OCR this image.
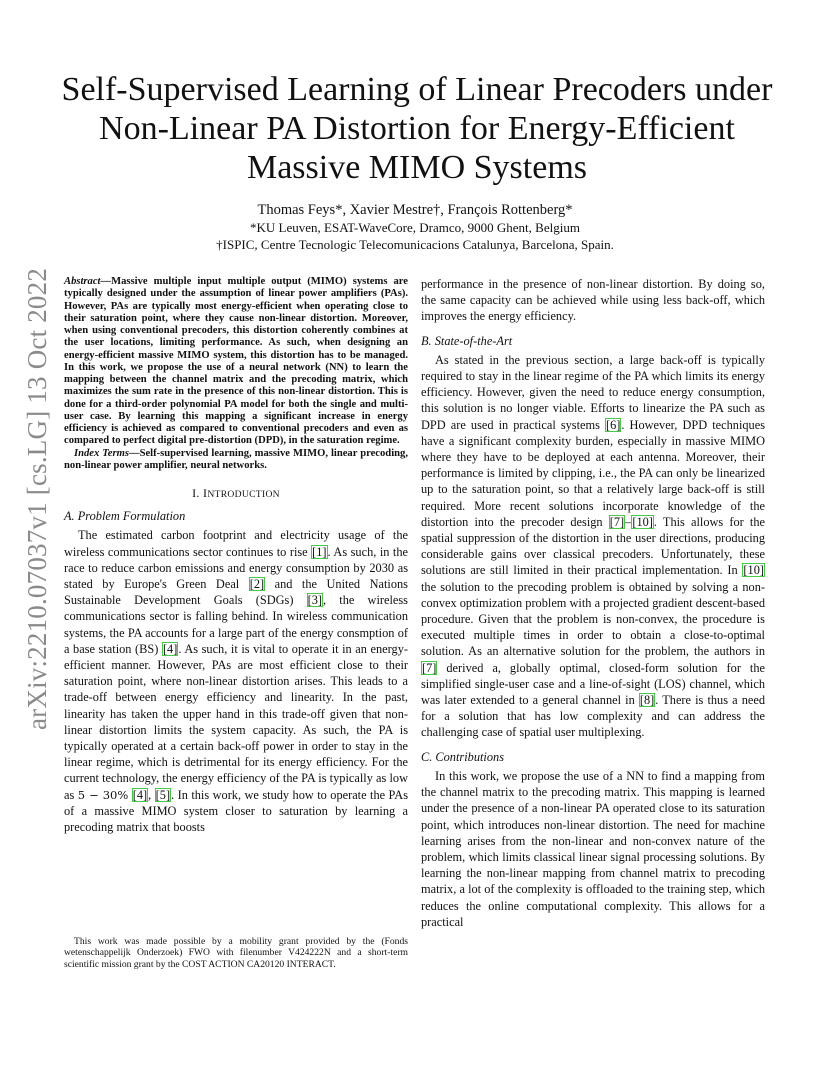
arXiv:2210.07037v1 [cs.LG] 13 Oct 2022
Self-Supervised Learning of Linear Precoders under Non-Linear PA Distortion for Energy-Efficient Massive MIMO Systems
Thomas Feys*, Xavier Mestre†, François Rottenberg*
*KU Leuven, ESAT-WaveCore, Dramco, 9000 Ghent, Belgium
†ISPIC, Centre Tecnologic Telecomunicacions Catalunya, Barcelona, Spain.

Abstract—Massive multiple input multiple output (MIMO) systems are typically designed under the assumption of linear power amplifiers (PAs). However, PAs are typically most energy-efficient when operating close to their saturation point, where they cause non-linear distortion. Moreover, when using conventional precoders, this distortion coherently combines at the user locations, limiting performance. As such, when designing an energy-efficient massive MIMO system, this distortion has to be managed. In this work, we propose the use of a neural network (NN) to learn the mapping between the channel matrix and the precoding matrix, which maximizes the sum rate in the presence of this non-linear distortion. This is done for a third-order polynomial PA model for both the single and multi-user case. By learning this mapping a significant increase in energy efficiency is achieved as compared to conventional precoders and even as compared to perfect digital pre-distortion (DPD), in the saturation regime.

Index Terms—Self-supervised learning, massive MIMO, linear precoding, non-linear power amplifier, neural networks.

I. INTRODUCTION
A. Problem Formulation

The estimated carbon footprint and electricity usage of the wireless communications sector continues to rise [1]. As such, in the race to reduce carbon emissions and energy consumption by 2030 as stated by Europe's Green Deal [2] and the United Nations Sustainable Development Goals (SDGs) [3], the wireless communications sector is falling behind. In wireless communication systems, the PA accounts for a large part of the energy consmption of a base station (BS) [4]. As such, it is vital to operate it in an energy-efficient manner. However, PAs are most efficient close to their saturation point, where non-linear distortion arises. This leads to a trade-off between energy efficiency and linearity. In the past, linearity has taken the upper hand in this trade-off given that non-linear distortion limits the system capacity. As such, the PA is typically operated at a certain back-off power in order to stay in the linear regime, which is detrimental for its energy efficiency. For the current technology, the energy efficiency of the PA is typically as low as 5 − 30% [4], [5]. In this work, we study how to operate the PAs of a massive MIMO system closer to saturation by learning a precoding matrix that boosts

This work was made possible by a mobility grant provided by the (Fonds wetenschappelijk Onderzoek) FWO with filenumber V424222N and a short-term scientific mission grant by the COST ACTION CA20120 INTERACT.

performance in the presence of non-linear distortion. By doing so, the same capacity can be achieved while using less back-off, which improves the energy efficiency.

B. State-of-the-Art

As stated in the previous section, a large back-off is typically required to stay in the linear regime of the PA which limits its energy efficiency. However, given the need to reduce energy consumption, this solution is no longer viable. Efforts to linearize the PA such as DPD are used in practical systems [6]. However, DPD techniques have a significant complexity burden, especially in massive MIMO where they have to be deployed at each antenna. Moreover, their performance is limited by clipping, i.e., the PA can only be linearized up to the saturation point, so that a relatively large back-off is still required. More recent solutions incorporate knowledge of the distortion into the precoder design [7]–[10]. This allows for the spatial suppression of the distortion in the user directions, producing considerable gains over classical precoders. Unfortunately, these solutions are still limited in their practical implementation. In [10] the solution to the precoding problem is obtained by solving a non-convex optimization problem with a projected gradient descent-based procedure. Given that the problem is non-convex, the procedure is executed multiple times in order to obtain a close-to-optimal solution. As an alternative solution for the problem, the authors in [7] derived a, globally optimal, closed-form solution for the simplified single-user case and a line-of-sight (LOS) channel, which was later extended to a general channel in [8]. There is thus a need for a solution that has low complexity and can address the challenging case of spatial user multiplexing.

C. Contributions

In this work, we propose the use of a NN to find a mapping from the channel matrix to the precoding matrix. This mapping is learned under the presence of a non-linear PA operated close to its saturation point, which introduces non-linear distortion. The need for machine learning arises from the non-linear and non-convex nature of the problem, which limits classical linear signal processing solutions. By learning the non-linear mapping from channel matrix to precoding matrix, a lot of the complexity is offloaded to the training step, which reduces the online computational complexity. This allows for a practical
